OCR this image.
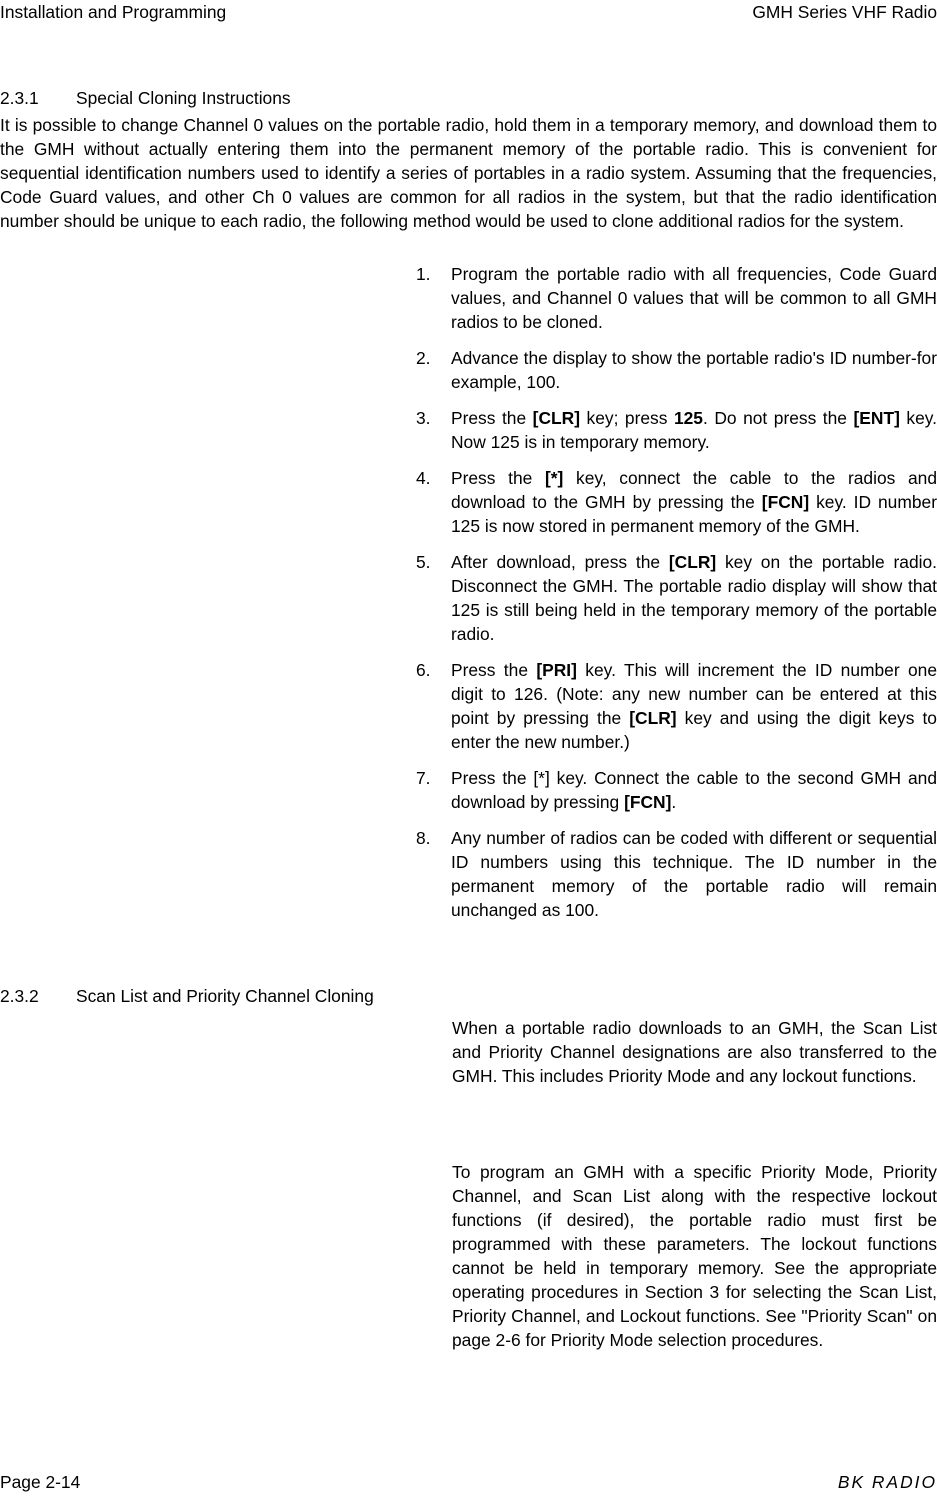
Installation and Programming	GMH Series VHF Radio
2.3.1 Special Cloning Instructions

It is possible to change Channel 0 values on the portable radio, hold them in a temporary memory, and download them to the GMH without actually entering them into the permanent memory of the portable radio. This is convenient for sequential identification numbers used to identify a series of portables in a radio system. Assuming that the frequencies, Code Guard values, and other Ch 0 values are common for all radios in the system, but that the radio identification number should be unique to each radio, the following method would be used to clone additional radios for the system.

1. Program the portable radio with all frequencies, Code Guard values, and Channel 0 values that will be common to all GMH radios to be cloned.
2. Advance the display to show the portable radio's ID number-for example, 100.
3. Press the [CLR] key; press 125. Do not press the [ENT] key. Now 125 is in temporary memory.
4. Press the [*] key, connect the cable to the radios and download to the GMH by pressing the [FCN] key. ID number 125 is now stored in permanent memory of the GMH.
5. After download, press the [CLR] key on the portable radio. Disconnect the GMH. The portable radio display will show that 125 is still being held in the temporary memory of the portable radio.
6. Press the [PRI] key. This will increment the ID number one digit to 126. (Note: any new number can be entered at this point by pressing the [CLR] key and using the digit keys to enter the new number.)
7. Press the [*] key. Connect the cable to the second GMH and download by pressing [FCN].
8. Any number of radios can be coded with different or sequential ID numbers using this technique. The ID number in the permanent memory of the portable radio will remain unchanged as 100.
2.3.2 Scan List and Priority Channel Cloning

When a portable radio downloads to an GMH, the Scan List and Priority Channel designations are also transferred to the GMH. This includes Priority Mode and any lockout functions.

To program an GMH with a specific Priority Mode, Priority Channel, and Scan List along with the respective lockout functions (if desired), the portable radio must first be programmed with these parameters. The lockout functions cannot be held in temporary memory. See the appropriate operating procedures in Section 3 for selecting the Scan List, Priority Channel, and Lockout functions. See "Priority Scan" on page 2-6 for Priority Mode selection procedures.

Page 2-14	BK RADIO
